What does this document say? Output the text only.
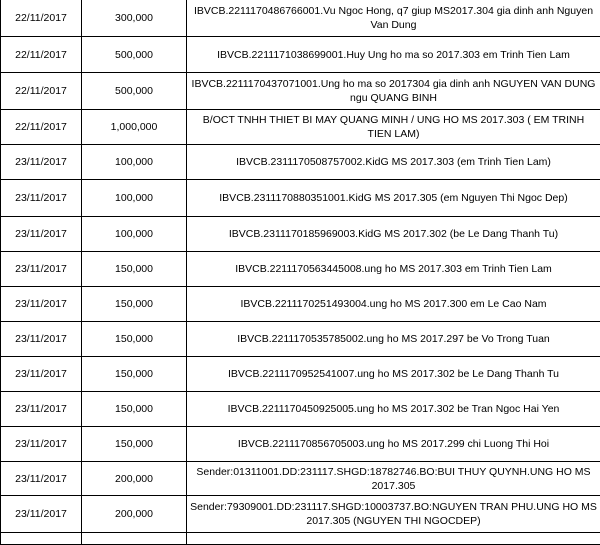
22/11/2017	300,000	IBVCB.2211170486766001.Vu Ngoc Hong, q7 giup MS2017.304 gia dinh anh Nguyen Van Dung
22/11/2017	500,000	IBVCB.2211171038699001.Huy Ung ho ma so 2017.303 em Trinh Tien Lam
22/11/2017	500,000	IBVCB.2211170437071001.Ung ho ma so 2017304 gia dinh anh NGUYEN VAN DUNG ngu QUANG BINH
22/11/2017	1,000,000	B/OCT TNHH THIET BI MAY QUANG MINH / UNG HO MS 2017.303 ( EM TRINH TIEN LAM)
23/11/2017	100,000	IBVCB.2311170508757002.KidG MS 2017.303 (em Trinh Tien Lam)
23/11/2017	100,000	IBVCB.2311170880351001.KidG MS 2017.305 (em Nguyen Thi Ngoc Dep)
23/11/2017	100,000	IBVCB.2311170185969003.KidG MS 2017.302 (be Le Dang Thanh Tu)
23/11/2017	150,000	IBVCB.2211170563445008.ung ho MS 2017.303 em Trinh Tien Lam
23/11/2017	150,000	IBVCB.2211170251493004.ung ho MS 2017.300 em Le Cao Nam
23/11/2017	150,000	IBVCB.2211170535785002.ung ho MS 2017.297 be Vo Trong Tuan
23/11/2017	150,000	IBVCB.2211170952541007.ung ho MS 2017.302 be Le Dang Thanh Tu
23/11/2017	150,000	IBVCB.2211170450925005.ung ho MS 2017.302 be Tran Ngoc Hai Yen
23/11/2017	150,000	IBVCB.2211170856705003.ung ho MS 2017.299 chi Luong Thi Hoi
23/11/2017	200,000	Sender:01311001.DD:231117.SHGD:18782746.BO:BUI THUY QUYNH.UNG HO MS 2017.305
23/11/2017	200,000	Sender:79309001.DD:231117.SHGD:10003737.BO:NGUYEN TRAN PHU.UNG HO MS 2017.305 (NGUYEN THI NGOCDEP)
